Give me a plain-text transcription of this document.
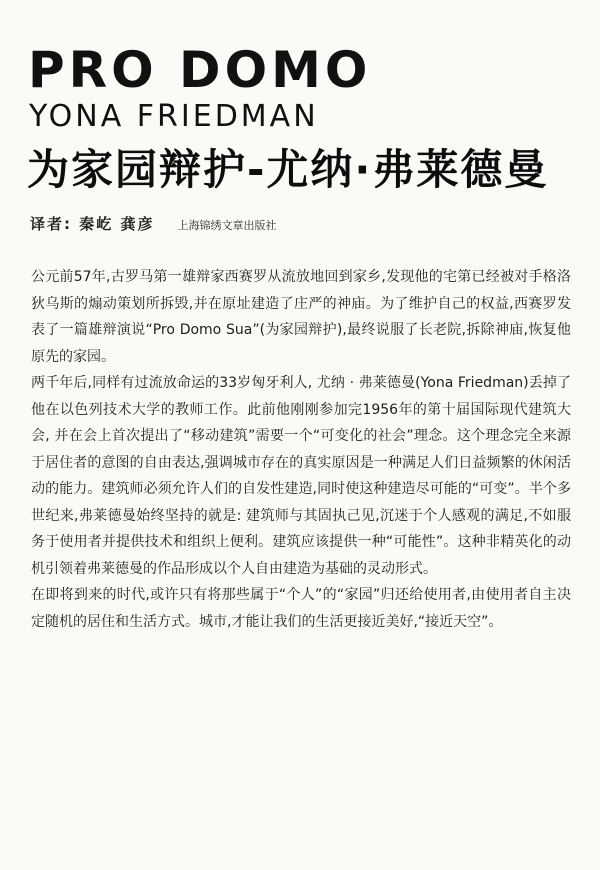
PRO DOMO
YONA FRIEDMAN
为家园辩护-尤纳·弗莱德曼
译者: 秦屹 龚彦 上海锦绣文章出版社

公元前57年,古罗马第一雄辩家西赛罗从流放地回到家乡,发现他的宅第已经被对手格洛狄乌斯的煽动策划所拆毁,并在原址建造了庄严的神庙。为了维护自己的权益,西赛罗发表了一篇雄辩演说“Pro Domo Sua”(为家园辩护),最终说服了长老院,拆除神庙,恢复他原先的家园。

两千年后,同样有过流放命运的33岁匈牙利人, 尤纳 · 弗莱德曼(Yona Friedman)丢掉了他在以色列技术大学的教师工作。此前他刚刚参加完1956年的第十届国际现代建筑大会, 并在会上首次提出了“移动建筑”需要一个“可变化的社会”理念。这个理念完全来源于居住者的意图的自由表达,强调城市存在的真实原因是一种满足人们日益频繁的休闲活动的能力。建筑师必须允许人们的自发性建造,同时使这种建造尽可能的“可变”。半个多世纪来,弗莱德曼始终坚持的就是: 建筑师与其固执己见,沉迷于个人感观的满足,不如服务于使用者并提供技术和组织上便利。建筑应该提供一种“可能性”。这种非精英化的动机引领着弗莱德曼的作品形成以个人自由建造为基础的灵动形式。

在即将到来的时代,或许只有将那些属于“个人”的“家园”归还给使用者,由使用者自主决定随机的居住和生活方式。城市,才能让我们的生活更接近美好,“接近天空”。
